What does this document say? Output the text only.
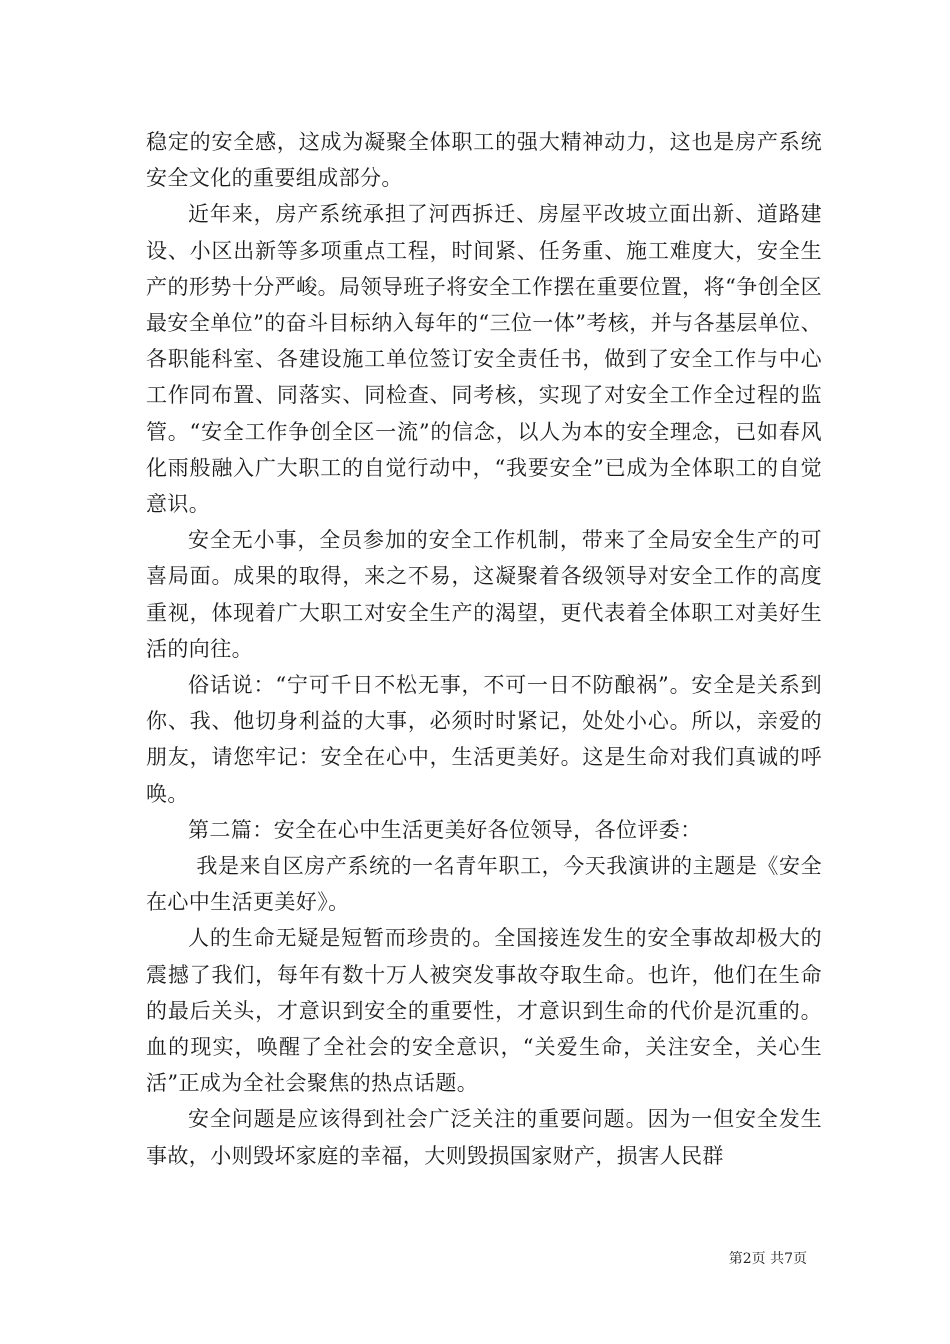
稳定的安全感，这成为凝聚全体职工的强大精神动力，这也是房产系统安全文化的重要组成部分。

近年来，房产系统承担了河西拆迁、房屋平改坡立面出新、道路建设、小区出新等多项重点工程，时间紧、任务重、施工难度大，安全生产的形势十分严峻。局领导班子将安全工作摆在重要位置，将“争创全区最安全单位”的奋斗目标纳入每年的“三位一体”考核，并与各基层单位、各职能科室、各建设施工单位签订安全责任书，做到了安全工作与中心工作同布置、同落实、同检查、同考核，实现了对安全工作全过程的监管。“安全工作争创全区一流”的信念，以人为本的安全理念，已如春风化雨般融入广大职工的自觉行动中，“我要安全”已成为全体职工的自觉意识。

安全无小事，全员参加的安全工作机制，带来了全局安全生产的可喜局面。成果的取得，来之不易，这凝聚着各级领导对安全工作的高度重视，体现着广大职工对安全生产的渴望，更代表着全体职工对美好生活的向往。

俗话说：“宁可千日不松无事，不可一日不防酿祸”。安全是关系到你、我、他切身利益的大事，必须时时紧记，处处小心。所以，亲爱的朋友，请您牢记：安全在心中，生活更美好。这是生命对我们真诚的呼唤。

第二篇：安全在心中生活更美好各位领导，各位评委：

我是来自区房产系统的一名青年职工，今天我演讲的主题是《安全在心中生活更美好》。

人的生命无疑是短暂而珍贵的。全国接连发生的安全事故却极大的震撼了我们，每年有数十万人被突发事故夺取生命。也许，他们在生命的最后关头，才意识到安全的重要性，才意识到生命的代价是沉重的。血的现实，唤醒了全社会的安全意识，“关爱生命，关注安全，关心生活”正成为全社会聚焦的热点话题。

安全问题是应该得到社会广泛关注的重要问题。因为一但安全发生事故，小则毁坏家庭的幸福，大则毁损国家财产，损害人民群

第2页 共7页
